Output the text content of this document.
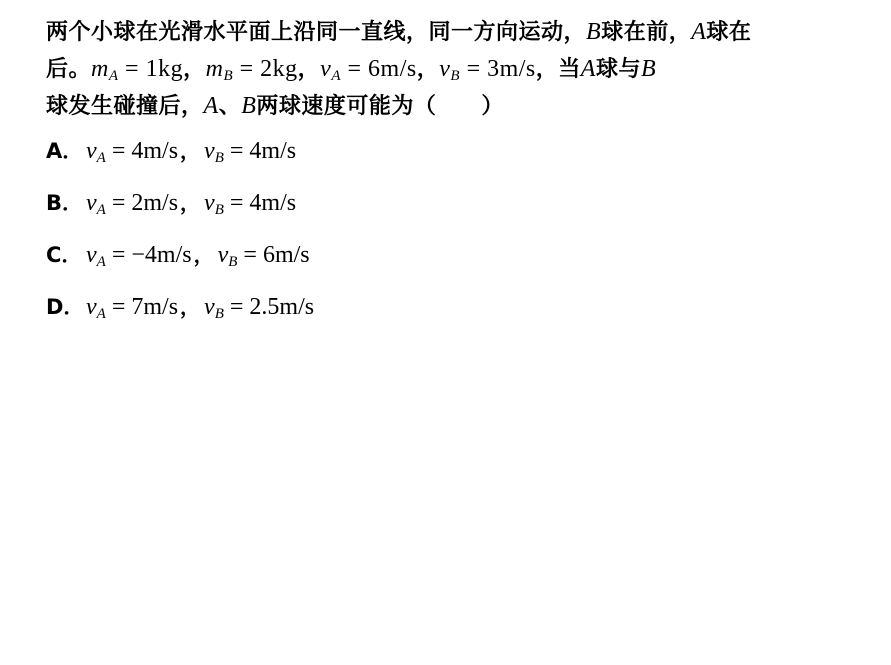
两个小球在光滑水平面上沿同一直线，同一方向运动，B球在前，A球在
后。$m_A = 1kg$，$m_B = 2kg$，$v_A = 6m/s$，$v_B = 3m/s$，当A球与B
球发生碰撞后，A、B两球速度可能为（　　）

A． $v_A = 4m/s$ ， $v_B = 4m/s$
B． $v_A = 2m/s$ ， $v_B = 4m/s$
C． $v_A = -4m/s$ ， $v_B = 6m/s$
D．$v_A = 7m/s$ ， $v_B = 2.5m/s$
